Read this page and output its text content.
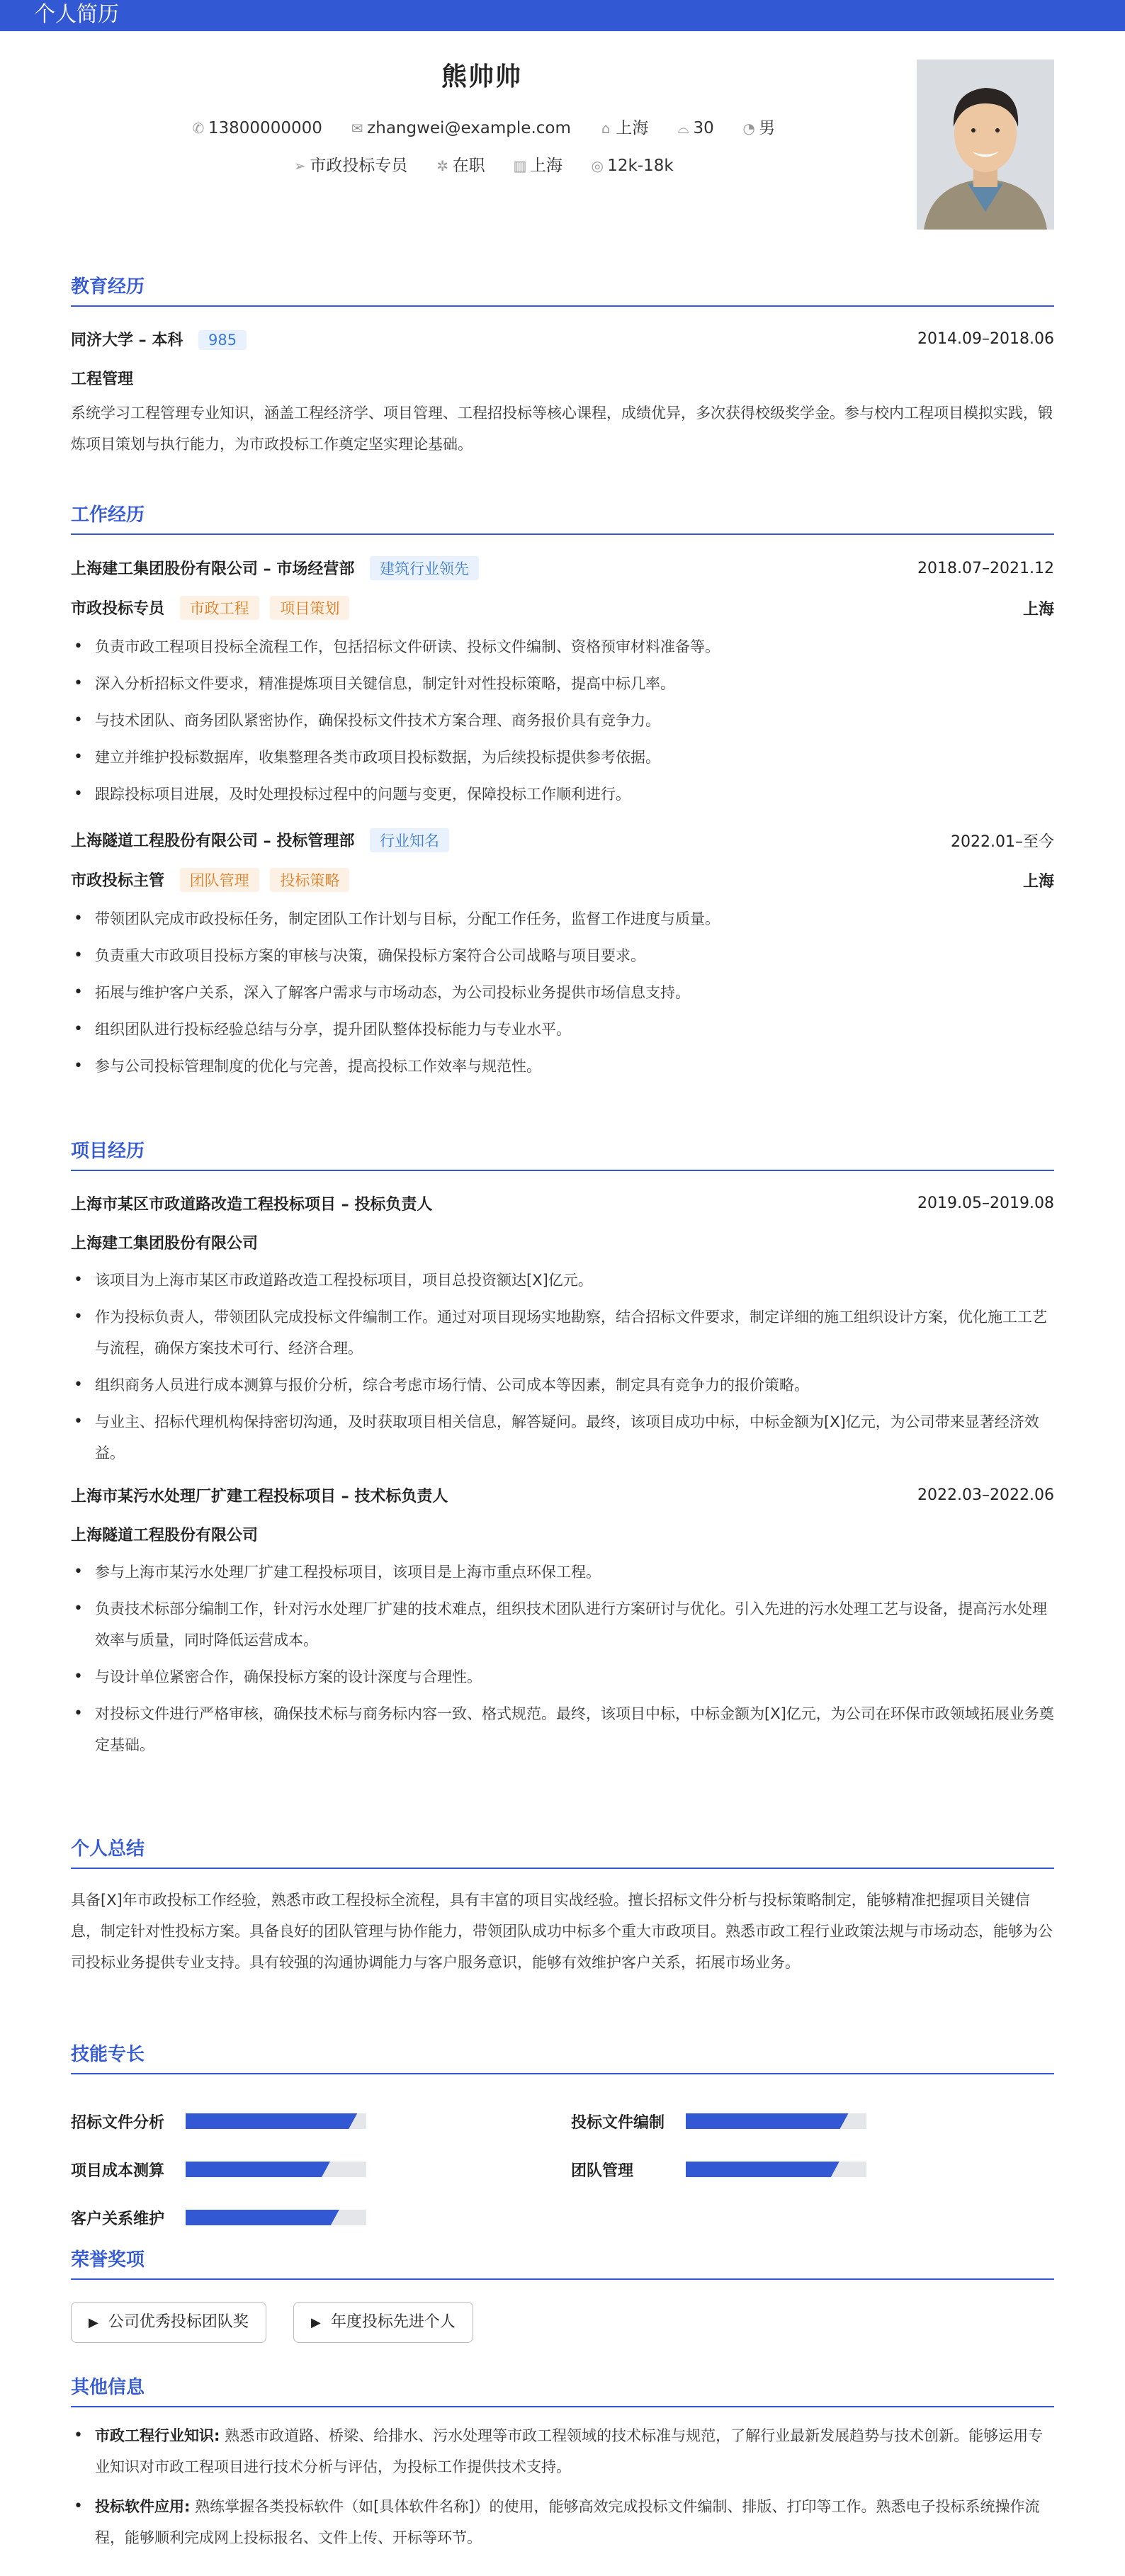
个人简历
熊帅帅
✆ 13800000000 ✉ zhangwei@example.com ⌂ 上海 ⌓ 30 ◔ 男
➢ 市政投标专员 ✲ 在职 ▥ 上海 ◎ 12k-18k
教育经历
同济大学 – 本科 985	2014.09–2018.06
工程管理
系统学习工程管理专业知识，涵盖工程经济学、项目管理、工程招投标等核心课程，成绩优异，多次获得校级奖学金。参与校内工程项目模拟实践，锻炼项目策划与执行能力，为市政投标工作奠定坚实理论基础。
工作经历
上海建工集团股份有限公司 – 市场经营部 建筑行业领先	2018.07–2021.12
市政投标专员 市政工程 项目策划	上海
• 负责市政工程项目投标全流程工作，包括招标文件研读、投标文件编制、资格预审材料准备等。
• 深入分析招标文件要求，精准提炼项目关键信息，制定针对性投标策略，提高中标几率。
• 与技术团队、商务团队紧密协作，确保投标文件技术方案合理、商务报价具有竞争力。
• 建立并维护投标数据库，收集整理各类市政项目投标数据，为后续投标提供参考依据。
• 跟踪投标项目进展，及时处理投标过程中的问题与变更，保障投标工作顺利进行。
上海隧道工程股份有限公司 – 投标管理部 行业知名	2022.01–至今
市政投标主管 团队管理 投标策略	上海
• 带领团队完成市政投标任务，制定团队工作计划与目标，分配工作任务，监督工作进度与质量。
• 负责重大市政项目投标方案的审核与决策，确保投标方案符合公司战略与项目要求。
• 拓展与维护客户关系，深入了解客户需求与市场动态，为公司投标业务提供市场信息支持。
• 组织团队进行投标经验总结与分享，提升团队整体投标能力与专业水平。
• 参与公司投标管理制度的优化与完善，提高投标工作效率与规范性。
项目经历
上海市某区市政道路改造工程投标项目 – 投标负责人	2019.05–2019.08
上海建工集团股份有限公司
• 该项目为上海市某区市政道路改造工程投标项目，项目总投资额达[X]亿元。
• 作为投标负责人，带领团队完成投标文件编制工作。通过对项目现场实地勘察，结合招标文件要求，制定详细的施工组织设计方案，优化施工工艺与流程，确保方案技术可行、经济合理。
• 组织商务人员进行成本测算与报价分析，综合考虑市场行情、公司成本等因素，制定具有竞争力的报价策略。
• 与业主、招标代理机构保持密切沟通，及时获取项目相关信息，解答疑问。最终，该项目成功中标，中标金额为[X]亿元，为公司带来显著经济效益。
上海市某污水处理厂扩建工程投标项目 – 技术标负责人	2022.03–2022.06
上海隧道工程股份有限公司
• 参与上海市某污水处理厂扩建工程投标项目，该项目是上海市重点环保工程。
• 负责技术标部分编制工作，针对污水处理厂扩建的技术难点，组织技术团队进行方案研讨与优化。引入先进的污水处理工艺与设备，提高污水处理效率与质量，同时降低运营成本。
• 与设计单位紧密合作，确保投标方案的设计深度与合理性。
• 对投标文件进行严格审核，确保技术标与商务标内容一致、格式规范。最终，该项目中标，中标金额为[X]亿元，为公司在环保市政领域拓展业务奠定基础。
个人总结
具备[X]年市政投标工作经验，熟悉市政工程投标全流程，具有丰富的项目实战经验。擅长招标文件分析与投标策略制定，能够精准把握项目关键信息，制定针对性投标方案。具备良好的团队管理与协作能力，带领团队成功中标多个重大市政项目。熟悉市政工程行业政策法规与市场动态，能够为公司投标业务提供专业支持。具有较强的沟通协调能力与客户服务意识，能够有效维护客户关系，拓展市场业务。
技能专长
招标文件分析	投标文件编制
项目成本测算	团队管理
客户关系维护
荣誉奖项
▶ 公司优秀投标团队奖	▶ 年度投标先进个人
其他信息
• 市政工程行业知识: 熟悉市政道路、桥梁、给排水、污水处理等市政工程领域的技术标准与规范，了解行业最新发展趋势与技术创新。能够运用专业知识对市政工程项目进行技术分析与评估，为投标工作提供技术支持。
• 投标软件应用: 熟练掌握各类投标软件（如[具体软件名称]）的使用，能够高效完成投标文件编制、排版、打印等工作。熟悉电子投标系统操作流程，能够顺利完成网上投标报名、文件上传、开标等环节。
